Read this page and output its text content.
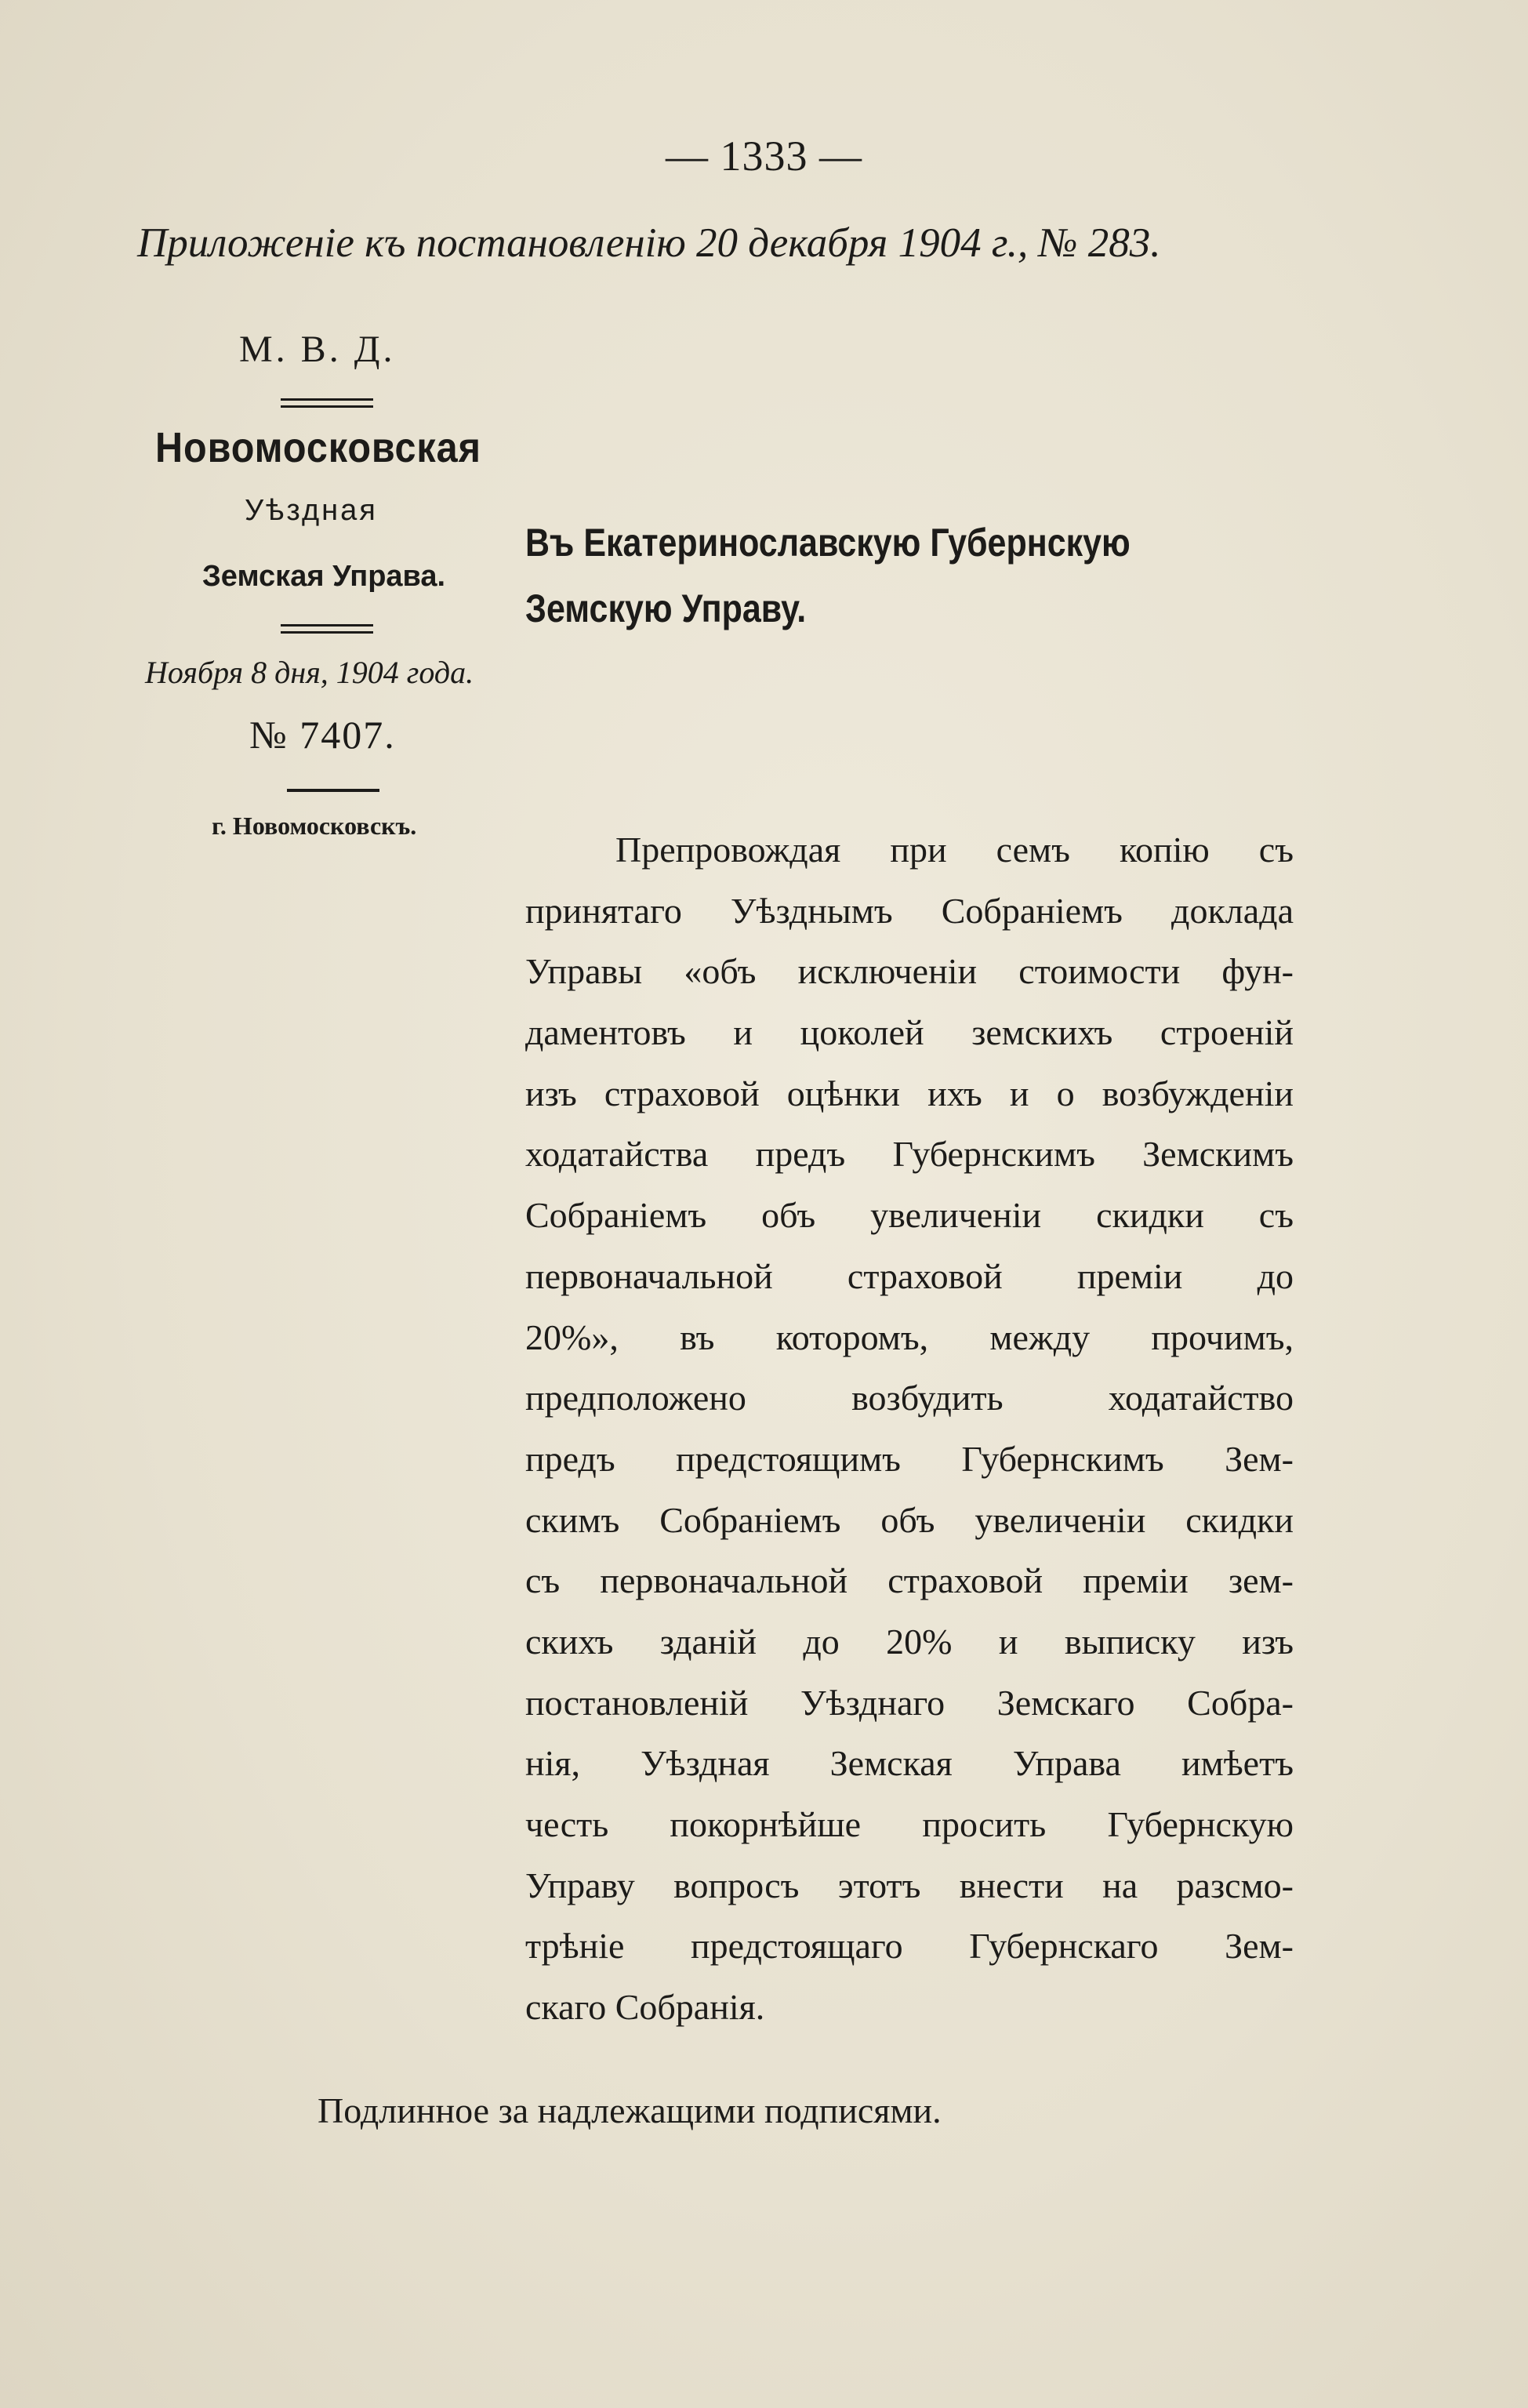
— 1333 —
Приложеніе къ постановленію 20 декабря 1904 г., № 283.
М. В. Д.
Новомосковская
Уѣздная
Земская Управа.
Ноября 8 дня, 1904 года.
№ 7407.
г. Новомосковскъ.
Въ Екатеринославскую Губернскую
Земскую Управу.
Препровождая при семъ копію съ
принятаго Уѣзднымъ Собраніемъ доклада
Управы «объ исключеніи стоимости фун-
даментовъ и цоколей земскихъ строеній
изъ страховой оцѣнки ихъ и о возбужденіи
ходатайства предъ Губернскимъ Земскимъ
Собраніемъ объ увеличеніи скидки съ
первоначальной страховой преміи до
20%», въ которомъ, между прочимъ,
предположено возбудить ходатайство
предъ предстоящимъ Губернскимъ Зем-
скимъ Собраніемъ объ увеличеніи скидки
съ первоначальной страховой преміи зем-
скихъ зданій до 20% и выписку изъ
постановленій Уѣзднаго Земскаго Собра-
нія, Уѣздная Земская Управа имѣетъ
честь покорнѣйше просить Губернскую
Управу вопросъ этотъ внести на разсмо-
трѣніе предстоящаго Губернскаго Зем-
скаго Собранія.
Подлинное за надлежащими подписями.
